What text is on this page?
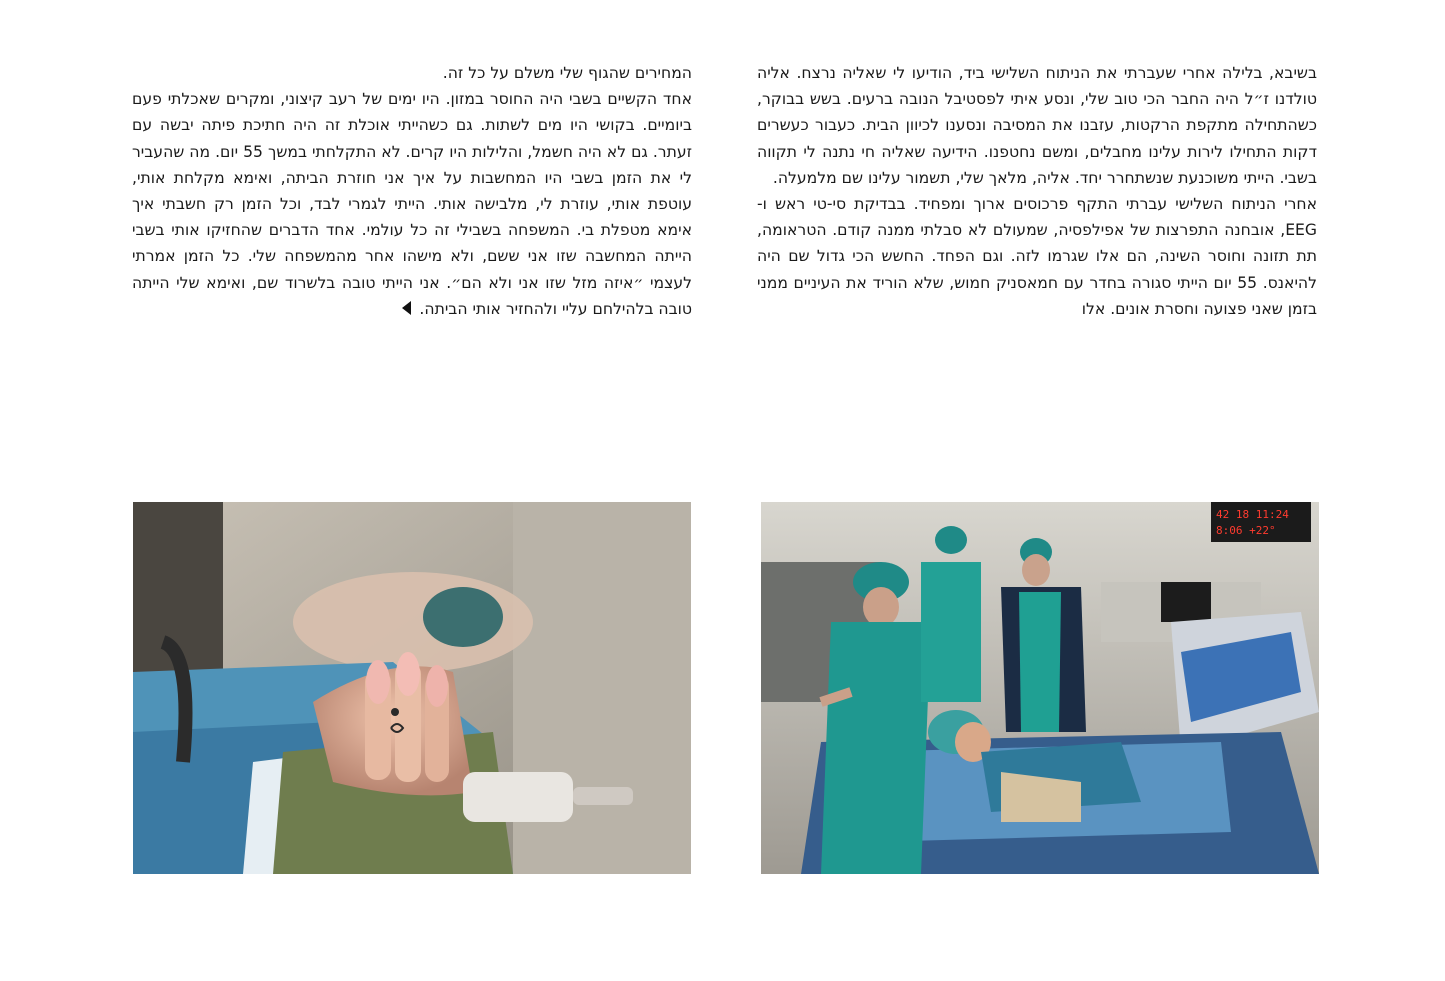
בשיבא, בלילה אחרי שעברתי את הניתוח השלישי ביד, הודיעו לי שאליה נרצח. אליה טולדנו ז״ל היה החבר הכי טוב שלי, ונסע איתי לפסטיבל הנובה ברעים. בשש בבוקר, כשהתחילה מתקפת הרקטות, עזבנו את המסיבה ונסענו לכיוון הבית. כעבור כעשרים דקות התחילו לירות עלינו מחבלים, ומשם נחטפנו. הידיעה שאליה חי נתנה לי תקווה בשבי. הייתי משוכנעת שנשתחרר יחד. אליה, מלאך שלי, תשמור עלינו שם מלמעלה.

אחרי הניתוח השלישי עברתי התקף פרכוסים ארוך ומפחיד. בבדיקת סי-טי ראש ו-EEG, אובחנה התפרצות של אפילפסיה, שמעולם לא סבלתי ממנה קודם. הטראומה, תת תזונה וחוסר השינה, הם אלו שגרמו לזה. וגם הפחד. החשש הכי גדול שם היה להיאנס. 55 יום הייתי סגורה בחדר עם חמאסניק חמוש, שלא הוריד את העיניים ממני בזמן שאני פצועה וחסרת אונים. אלו

המחירים שהגוף שלי משלם על כל זה.

אחד הקשיים בשבי היה החוסר במזון. היו ימים של רעב קיצוני, ומקרים שאכלתי פעם ביומיים. בקושי היו מים לשתות. גם כשהייתי אוכלת זה היה חתיכת פיתה יבשה עם זעתר. גם לא היה חשמל, והלילות היו קרים. לא התקלחתי במשך 55 יום. מה שהעביר לי את הזמן בשבי היו המחשבות על איך אני חוזרת הביתה, ואימא מקלחת אותי, עוטפת אותי, עוזרת לי, מלבישה אותי. הייתי לגמרי לבד, וכל הזמן רק חשבתי איך אימא מטפלת בי. המשפחה בשבילי זה כל עולמי. אחד הדברים שהחזיקו אותי בשבי הייתה המחשבה שזו אני ששם, ולא מישהו אחר מהמשפחה שלי. כל הזמן אמרתי לעצמי ״איזה מזל שזו אני ולא הם״. אני הייתי טובה בלשרוד שם, ואימא שלי הייתה טובה בלהילחם עליי ולהחזיר אותי הביתה.

42 18 11:24
8:06 +22°
